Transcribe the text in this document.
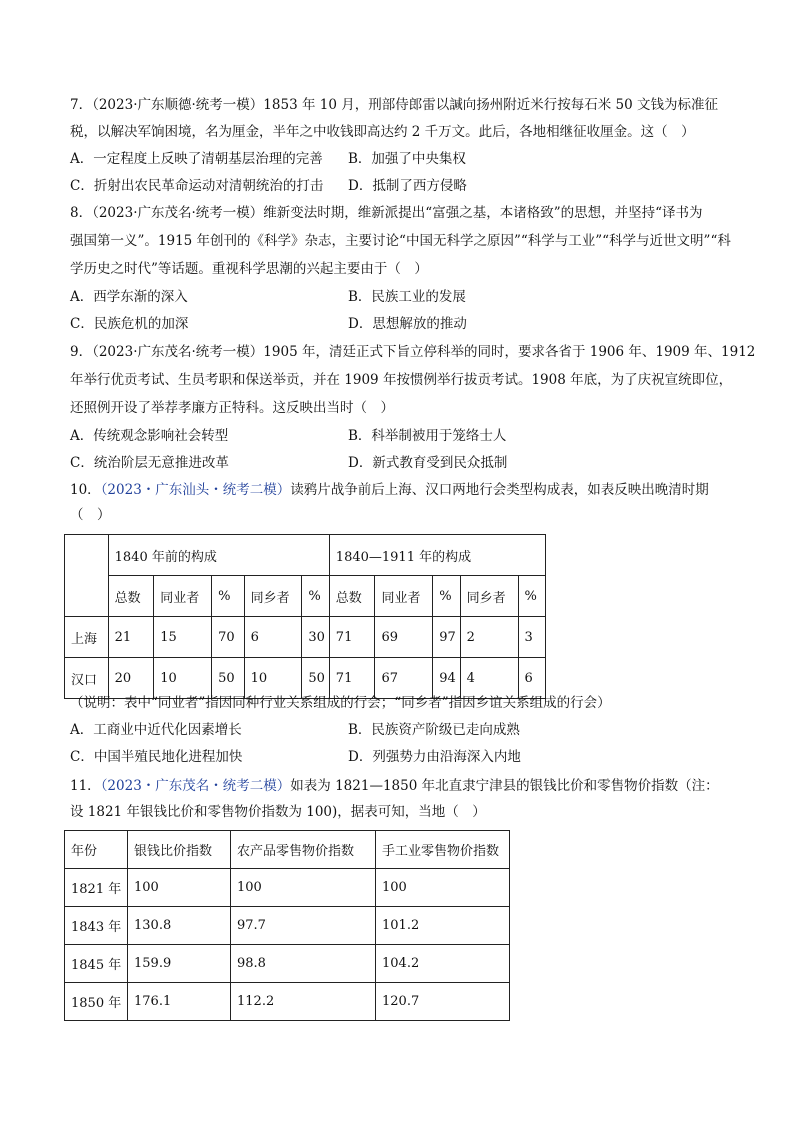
7．（2023·广东顺德·统考一模）1853 年 10 月，刑部侍郎雷以諴向扬州附近米行按每石米 50 文钱为标准征
税，以解决军饷困境，名为厘金，半年之中收钱即高达约 2 千万文。此后，各地相继征收厘金。这（　）
A．一定程度上反映了清朝基层治理的完善 B．加强了中央集权
C．折射出农民革命运动对清朝统治的打击 D．抵制了西方侵略
8．（2023·广东茂名·统考一模）维新变法时期，维新派提出“富强之基，本诸格致”的思想，并坚持“译书为
强国第一义”。1915 年创刊的《科学》杂志，主要讨论“中国无科学之原因”“科学与工业”“科学与近世文明”“科
学历史之时代”等话题。重视科学思潮的兴起主要由于（　）
A．西学东渐的深入	B．民族工业的发展
C．民族危机的加深	D．思想解放的推动
9．（2023·广东茂名·统考一模）1905 年，清廷正式下旨立停科举的同时，要求各省于 1906 年、1909 年、1912
年举行优贡考试、生员考职和保送举贡，并在 1909 年按惯例举行拔贡考试。1908 年底，为了庆祝宣统即位，
还照例开设了举荐孝廉方正特科。这反映出当时（　）
A．传统观念影响社会转型	B．科举制被用于笼络士人
C．统治阶层无意推进改革	D．新式教育受到民众抵制
10．（2023・广东汕头・统考二模）读鸦片战争前后上海、汉口两地行会类型构成表，如表反映出晚清时期
（　）
	1840 年前的构成					1840—1911 年的构成				
	总数	同业者	%	同乡者	%	总数	同业者	%	同乡者	%
上海	21	15	70	6	30	71	69	97	2	3
汉口	20	10	50	10	50	71	67	94	4	6
（说明：表中“同业者”指因同种行业关系组成的行会；“同乡者”指因乡谊关系组成的行会）
A．工商业中近代化因素增长	B．民族资产阶级已走向成熟
C．中国半殖民地化进程加快	D．列强势力由沿海深入内地
11．（2023・广东茂名・统考二模）如表为 1821—1850 年北直隶宁津县的银钱比价和零售物价指数（注：
设 1821 年银钱比价和零售物价指数为 100)，据表可知，当地（　）
年份	银钱比价指数	农产品零售物价指数	手工业零售物价指数
1821 年	100	100	100
1843 年	130.8	97.7	101.2
1845 年	159.9	98.8	104.2
1850 年	176.1	112.2	120.7
